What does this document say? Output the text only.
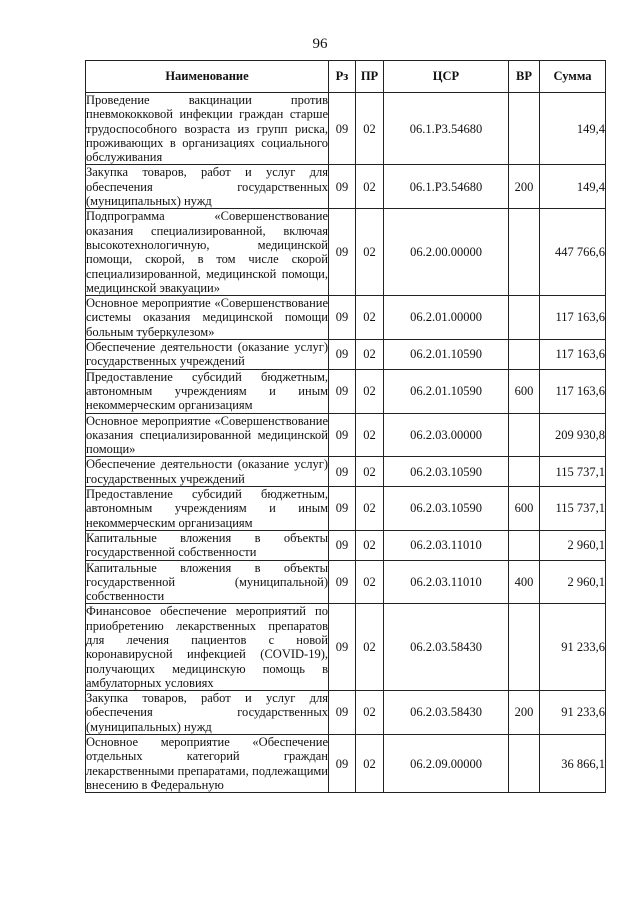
96
Наименование	Рз	ПР	ЦСР	ВР	Сумма
Проведение вакцинации против пневмококковой инфекции граждан старше трудоспособного возраста из групп риска, проживающих в организациях социального обслуживания	09	02	06.1.P3.54680		149,4
Закупка товаров, работ и услуг для обеспечения государственных (муниципальных) нужд	09	02	06.1.P3.54680	200	149,4
Подпрограмма «Совершенствование оказания специализированной, включая высокотехнологичную, медицинской помощи, скорой, в том числе скорой специализированной, медицинской помощи, медицинской эвакуации»	09	02	06.2.00.00000		447 766,6
Основное мероприятие «Совершенствование системы оказания медицинской помощи больным туберкулезом»	09	02	06.2.01.00000		117 163,6
Обеспечение деятельности (оказание услуг) государственных учреждений	09	02	06.2.01.10590		117 163,6
Предоставление субсидий бюджетным, автономным учреждениям и иным некоммерческим организациям	09	02	06.2.01.10590	600	117 163,6
Основное мероприятие «Совершенствование оказания специализированной медицинской помощи»	09	02	06.2.03.00000		209 930,8
Обеспечение деятельности (оказание услуг) государственных учреждений	09	02	06.2.03.10590		115 737,1
Предоставление субсидий бюджетным, автономным учреждениям и иным некоммерческим организациям	09	02	06.2.03.10590	600	115 737,1
Капитальные вложения в объекты государственной собственности	09	02	06.2.03.11010		2 960,1
Капитальные вложения в объекты государственной (муниципальной) собственности	09	02	06.2.03.11010	400	2 960,1
Финансовое обеспечение мероприятий по приобретению лекарственных препаратов для лечения пациентов с новой коронавирусной инфекцией (COVID-19), получающих медицинскую помощь в амбулаторных условиях	09	02	06.2.03.58430		91 233,6
Закупка товаров, работ и услуг для обеспечения государственных (муниципальных) нужд	09	02	06.2.03.58430	200	91 233,6
Основное мероприятие «Обеспечение отдельных категорий граждан лекарственными препаратами, подлежащими внесению в Федеральную	09	02	06.2.09.00000		36 866,1
